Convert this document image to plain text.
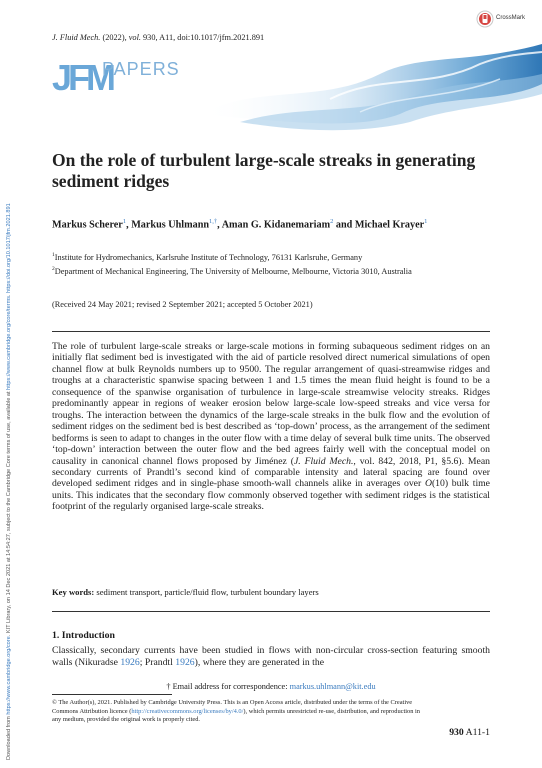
Downloaded from https://www.cambridge.org/core. KIT Library, on 14 Dec 2021 at 14:54:27, subject to the Cambridge Core terms of use, available at https://www.cambridge.org/core/terms. https://doi.org/10.1017/jfm.2021.891
J. Fluid Mech. (2022), vol. 930, A11, doi:10.1017/jfm.2021.891
CrossMark
JFM
PAPERS
On the role of turbulent large-scale streaks in generating sediment ridges
Markus Scherer$^1$, Markus Uhlmann$^{1,\dagger}$, Aman G. Kidanemariam$^2$ and Michael Krayer$^1$
$^1$Institute for Hydromechanics, Karlsruhe Institute of Technology, 76131 Karlsruhe, Germany
$^2$Department of Mechanical Engineering, The University of Melbourne, Melbourne, Victoria 3010, Australia
(Received 24 May 2021; revised 2 September 2021; accepted 5 October 2021)
The role of turbulent large-scale streaks or large-scale motions in forming subaqueous sediment ridges on an initially flat sediment bed is investigated with the aid of particle resolved direct numerical simulations of open channel flow at bulk Reynolds numbers up to 9500. The regular arrangement of quasi-streamwise ridges and troughs at a characteristic spanwise spacing between 1 and 1.5 times the mean fluid height is found to be a consequence of the spanwise organisation of turbulence in large-scale streamwise velocity streaks. Ridges predominantly appear in regions of weaker erosion below large-scale low-speed streaks and vice versa for troughs. The interaction between the dynamics of the large-scale streaks in the bulk flow and the evolution of sediment ridges on the sediment bed is best described as ‘top-down’ process, as the arrangement of the sediment bedforms is seen to adapt to changes in the outer flow with a time delay of several bulk time units. The observed ‘top-down’ interaction between the outer flow and the bed agrees fairly well with the conceptual model on causality in canonical channel flows proposed by Jiménez (J. Fluid Mech., vol. 842, 2018, P1, §5.6). Mean secondary currents of Prandtl’s second kind of comparable intensity and lateral spacing are found over developed sediment ridges and in single-phase smooth-wall channels alike in averages over O(10) bulk time units. This indicates that the secondary flow commonly observed together with sediment ridges is the statistical footprint of the regularly organised large-scale streaks.
Key words: sediment transport, particle/fluid flow, turbulent boundary layers
1. Introduction
Classically, secondary currents have been studied in flows with non-circular cross-section featuring smooth walls (Nikuradse 1926; Prandtl 1926), where they are generated in the
† Email address for correspondence: markus.uhlmann@kit.edu
© The Author(s), 2021. Published by Cambridge University Press. This is an Open Access article, distributed under the terms of the Creative Commons Attribution licence (http://creativecommons.org/licenses/by/4.0/), which permits unrestricted re-use, distribution, and reproduction in any medium, provided the original work is properly cited.
930 A11-1
